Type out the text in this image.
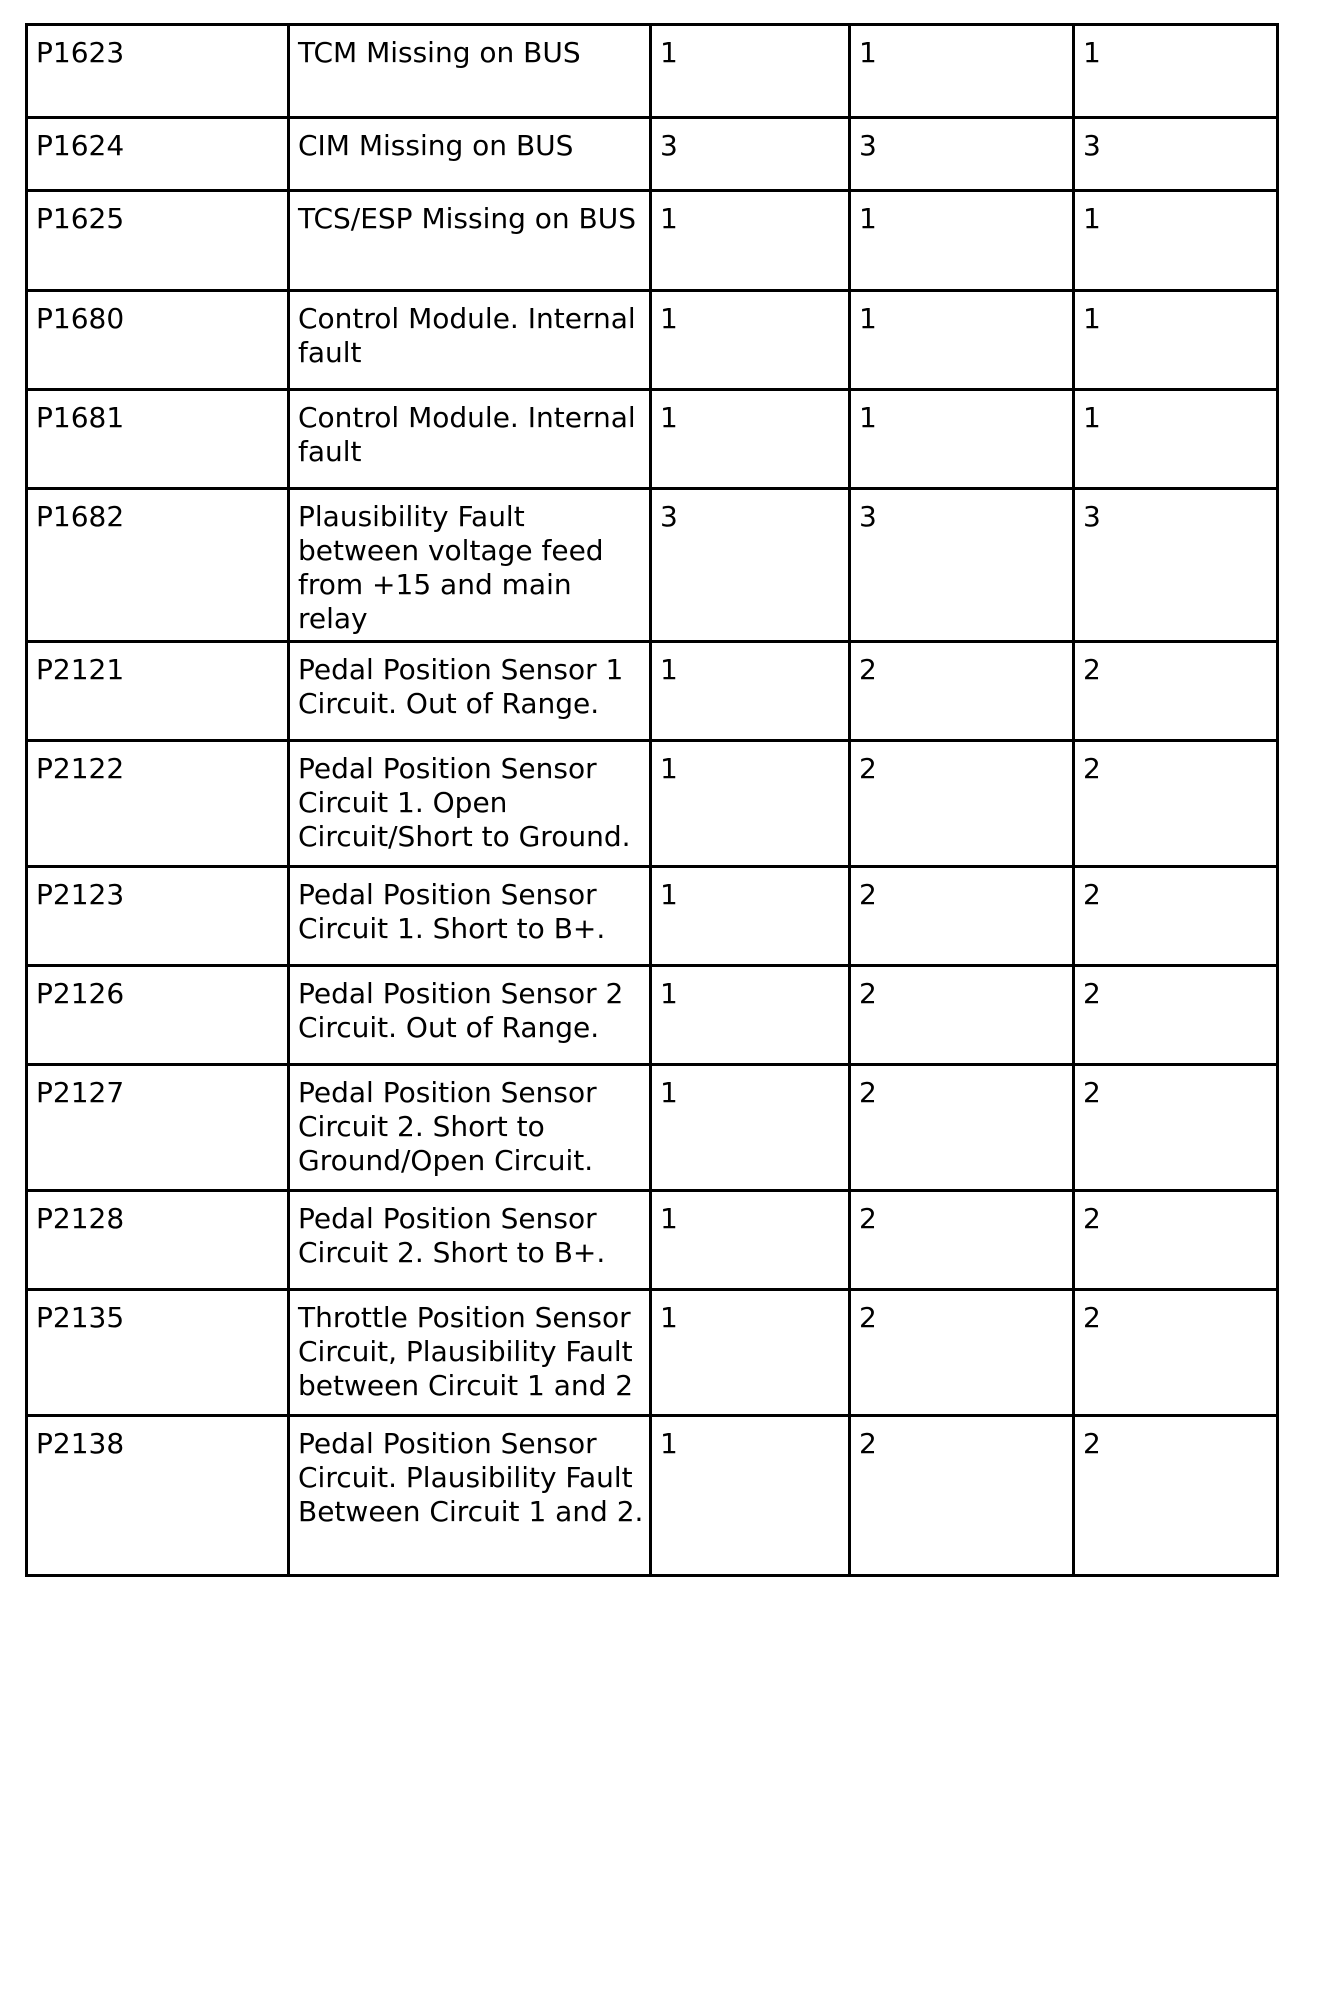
P1623	TCM Missing on BUS	1	1	1
P1624	CIM Missing on BUS	3	3	3
P1625	TCS/ESP Missing on BUS	1	1	1
P1680	Control Module. Internal fault	1	1	1
P1681	Control Module. Internal fault	1	1	1
P1682	Plausibility Fault between voltage feed from +15 and main relay	3	3	3
P2121	Pedal Position Sensor 1 Circuit. Out of Range.	1	2	2
P2122	Pedal Position Sensor Circuit 1. Open Circuit/Short to Ground.	1	2	2
P2123	Pedal Position Sensor Circuit 1. Short to B+.	1	2	2
P2126	Pedal Position Sensor 2 Circuit. Out of Range.	1	2	2
P2127	Pedal Position Sensor Circuit 2. Short to Ground/Open Circuit.	1	2	2
P2128	Pedal Position Sensor Circuit 2. Short to B+.	1	2	2
P2135	Throttle Position Sensor Circuit, Plausibility Fault between Circuit 1 and 2	1	2	2
P2138	Pedal Position Sensor Circuit. Plausibility Fault Between Circuit 1 and 2.	1	2	2
